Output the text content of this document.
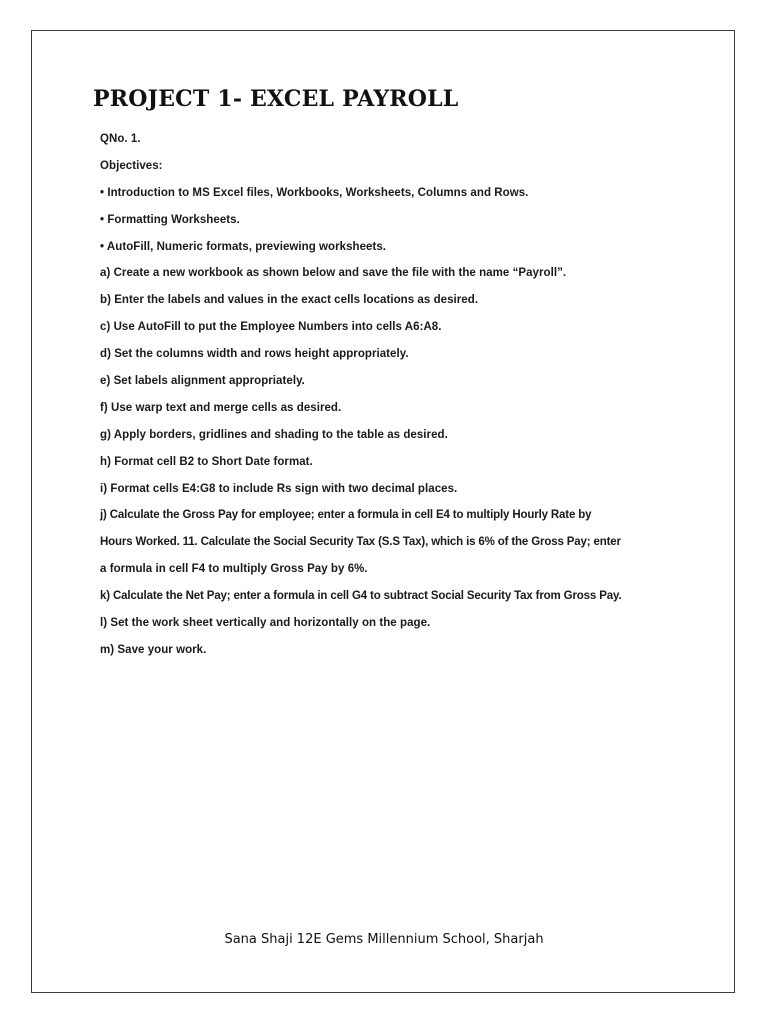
PROJECT 1- EXCEL PAYROLL
QNo. 1.
Objectives:
• Introduction to MS Excel files, Workbooks, Worksheets, Columns and Rows.
• Formatting Worksheets.
• AutoFill, Numeric formats, previewing worksheets.
a) Create a new workbook as shown below and save the file with the name “Payroll”.
b) Enter the labels and values in the exact cells locations as desired.
c) Use AutoFill to put the Employee Numbers into cells A6:A8.
d) Set the columns width and rows height appropriately.
e) Set labels alignment appropriately.
f) Use warp text and merge cells as desired.
g) Apply borders, gridlines and shading to the table as desired.
h) Format cell B2 to Short Date format.
i) Format cells E4:G8 to include Rs sign with two decimal places.
j) Calculate the Gross Pay for employee; enter a formula in cell E4 to multiply Hourly Rate by
Hours Worked. 11. Calculate the Social Security Tax (S.S Tax), which is 6% of the Gross Pay; enter
a formula in cell F4 to multiply Gross Pay by 6%.
k) Calculate the Net Pay; enter a formula in cell G4 to subtract Social Security Tax from Gross Pay.
l) Set the work sheet vertically and horizontally on the page.
m) Save your work.
Sana Shaji 12E Gems Millennium School, Sharjah
